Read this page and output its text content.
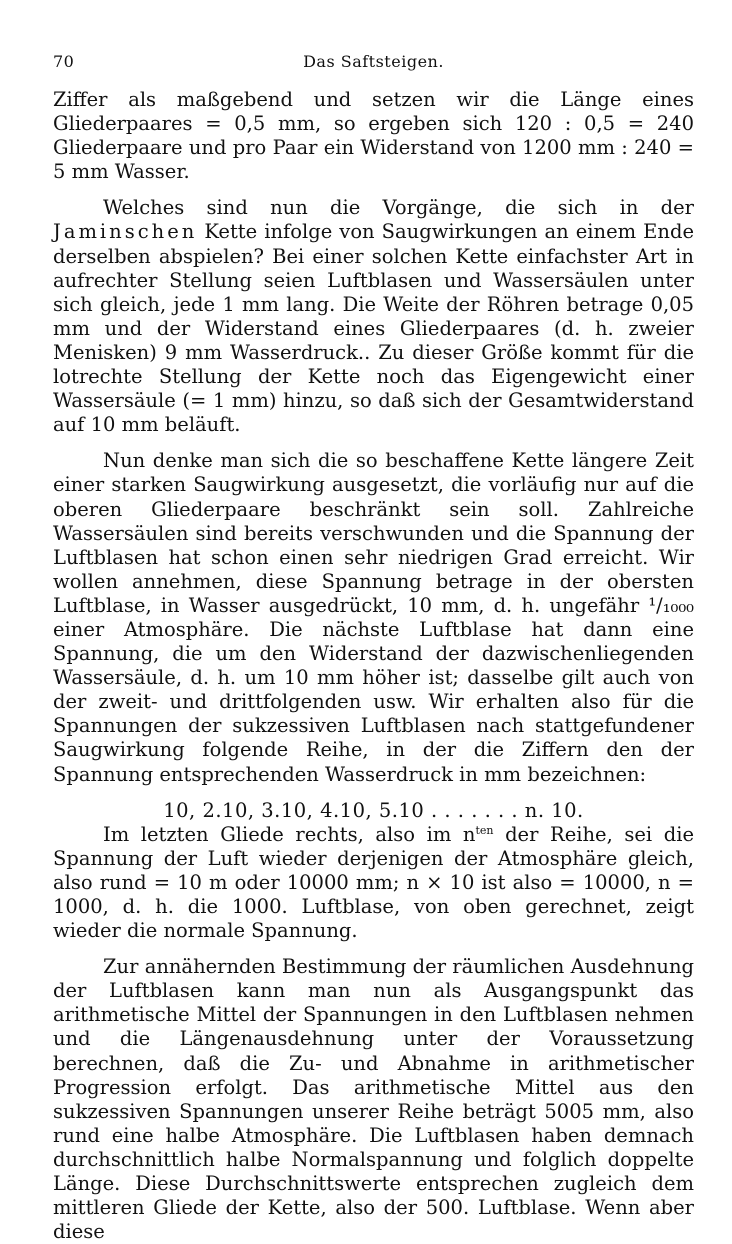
70	Das Saftsteigen.

Ziffer als maßgebend und setzen wir die Länge eines Gliederpaares = 0,5 mm, so ergeben sich 120 : 0,5 = 240 Gliederpaare und pro Paar ein Widerstand von 1200 mm : 240 = 5 mm Wasser.

Welches sind nun die Vorgänge, die sich in der Jaminschen Kette infolge von Saugwirkungen an einem Ende derselben abspielen? Bei einer solchen Kette einfachster Art in aufrechter Stellung seien Luftblasen und Wassersäulen unter sich gleich, jede 1 mm lang. Die Weite der Röhren betrage 0,05 mm und der Widerstand eines Gliederpaares (d. h. zweier Menisken) 9 mm Wasserdruck.. Zu dieser Größe kommt für die lotrechte Stellung der Kette noch das Eigengewicht einer Wassersäule (= 1 mm) hinzu, so daß sich der Gesamtwiderstand auf 10 mm beläuft.

Nun denke man sich die so beschaffene Kette längere Zeit einer starken Saugwirkung ausgesetzt, die vorläufig nur auf die oberen Gliederpaare beschränkt sein soll. Zahlreiche Wassersäulen sind bereits verschwunden und die Spannung der Luftblasen hat schon einen sehr niedrigen Grad erreicht. Wir wollen annehmen, diese Spannung betrage in der obersten Luftblase, in Wasser ausgedrückt, 10 mm, d. h. ungefähr ¹/₁₀₀₀ einer Atmosphäre. Die nächste Luftblase hat dann eine Spannung, die um den Widerstand der dazwischenliegenden Wassersäule, d. h. um 10 mm höher ist; dasselbe gilt auch von der zweit- und drittfolgenden usw. Wir erhalten also für die Spannungen der sukzessiven Luftblasen nach stattgefundener Saugwirkung folgende Reihe, in der die Ziffern den der Spannung entsprechenden Wasserdruck in mm bezeichnen:

10, 2.10, 3.10, 4.10, 5.10 . . . . . . . n. 10.

Im letzten Gliede rechts, also im $n^{ten}$ der Reihe, sei die Spannung der Luft wieder derjenigen der Atmosphäre gleich, also rund = 10 m oder 10000 mm; n × 10 ist also = 10000, n = 1000, d. h. die 1000. Luftblase, von oben gerechnet, zeigt wieder die normale Spannung.

Zur annähernden Bestimmung der räumlichen Ausdehnung der Luftblasen kann man nun als Ausgangspunkt das arithmetische Mittel der Spannungen in den Luftblasen nehmen und die Längenausdehnung unter der Voraussetzung berechnen, daß die Zu- und Abnahme in arithmetischer Progression erfolgt. Das arithmetische Mittel aus den sukzessiven Spannungen unserer Reihe beträgt 5005 mm, also rund eine halbe Atmosphäre. Die Luftblasen haben demnach durchschnittlich halbe Normalspannung und folglich doppelte Länge. Diese Durchschnittswerte entsprechen zugleich dem mittleren Gliede der Kette, also der 500. Luftblase. Wenn aber diese
